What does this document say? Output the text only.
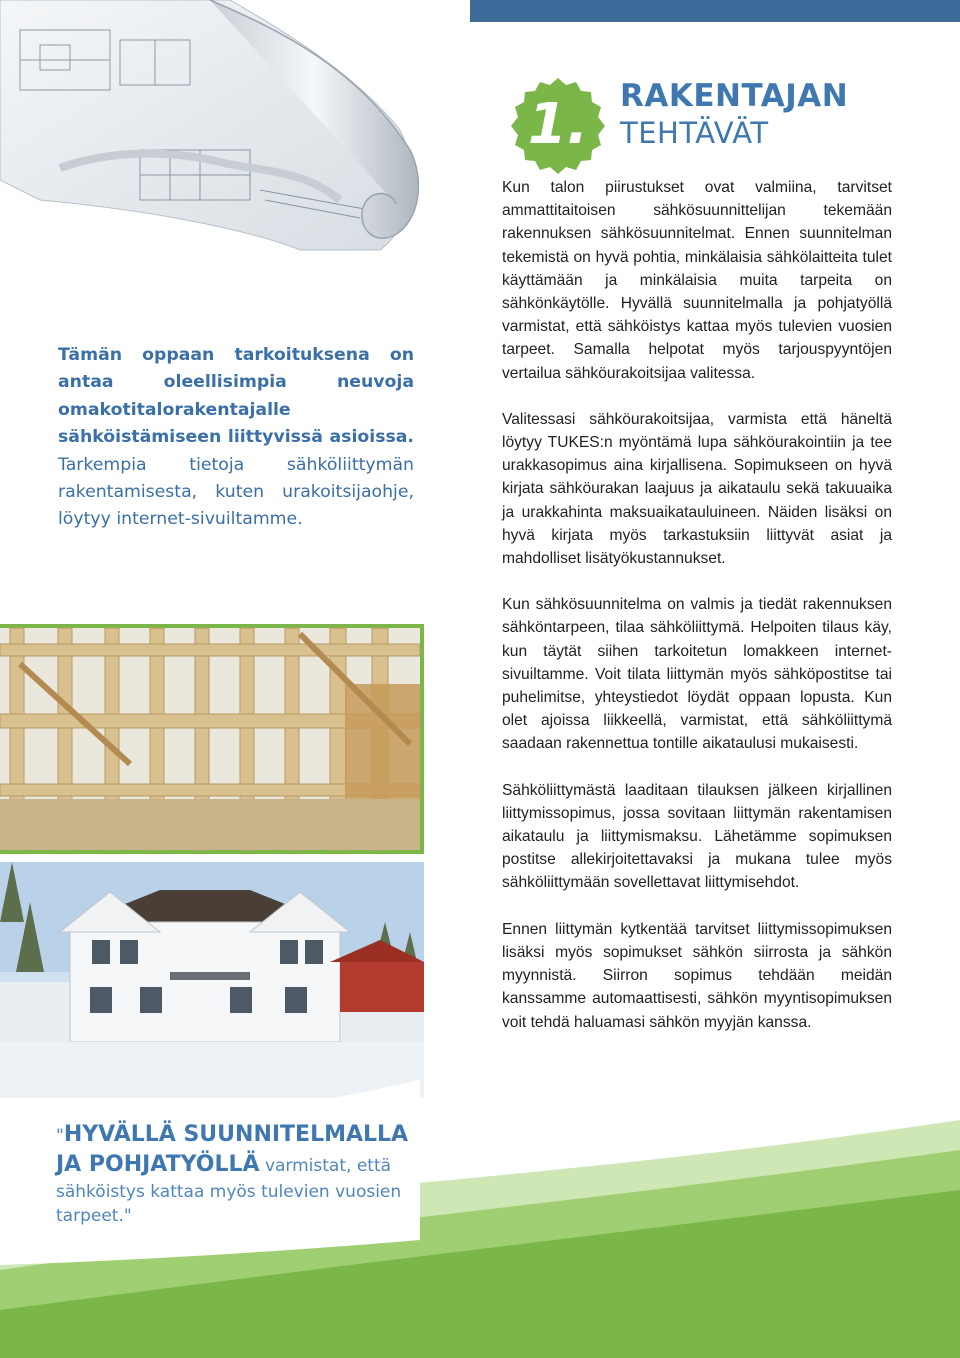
1.	RAKENTAJAN
TEHTÄVÄT

Tämän oppaan tarkoituksena on antaa oleellisimpia neuvoja omakotitalorakentajalle sähköistämiseen liittyvissä asioissa. Tarkempia tietoja sähköliittymän rakentamisesta, kuten urakoitsijaohje, löytyy internet-sivuiltamme.

Kun talon piirustukset ovat valmiina, tarvitset ammattitaitoisen sähkösuunnittelijan tekemään rakennuksen sähkösuunnitelmat. Ennen suunnitelman tekemistä on hyvä pohtia, minkälaisia sähkölaitteita tulet käyttämään ja minkälaisia muita tarpeita on sähkönkäytölle. Hyvällä suunnitelmalla ja pohjatyöllä varmistat, että sähköistys kattaa myös tulevien vuosien tarpeet. Samalla helpotat myös tarjouspyyntöjen vertailua sähköurakoitsijaa valitessa.

Valitessasi sähköurakoitsijaa, varmista että häneltä löytyy TUKES:n myöntämä lupa sähköurakointiin ja tee urakkasopimus aina kirjallisena. Sopimukseen on hyvä kirjata sähköurakan laajuus ja aikataulu sekä takuuaika ja urakkahinta maksuaikatauluineen. Näiden lisäksi on hyvä kirjata myös tarkastuksiin liittyvät asiat ja mahdolliset lisätyökustannukset.

Kun sähkösuunnitelma on valmis ja tiedät rakennuksen sähköntarpeen, tilaa sähköliittymä. Helpoiten tilaus käy, kun täytät siihen tarkoitetun lomakkeen internet-sivuiltamme. Voit tilata liittymän myös sähköpostitse tai puhelimitse, yhteystiedot löydät oppaan lopusta. Kun olet ajoissa liikkeellä, varmistat, että sähköliittymä saadaan rakennettua tontille aikataulusi mukaisesti.

Sähköliittymästä laaditaan tilauksen jälkeen kirjallinen liittymissopimus, jossa sovitaan liittymän rakentamisen aikataulu ja liittymismaksu. Lähetämme sopimuksen postitse allekirjoitettavaksi ja mukana tulee myös sähköliittymään sovellettavat liittymisehdot.

Ennen liittymän kytkentää tarvitset liittymissopimuksen lisäksi myös sopimukset sähkön siirrosta ja sähkön myynnistä. Siirron sopimus tehdään meidän kanssamme automaattisesti, sähkön myyntisopimuksen voit tehdä haluamasi sähkön myyjän kanssa.

"HYVÄLLÄ SUUNNITELMALLA JA POHJATYÖLLÄ varmistat, että sähköistys kattaa myös tulevien vuosien tarpeet."
